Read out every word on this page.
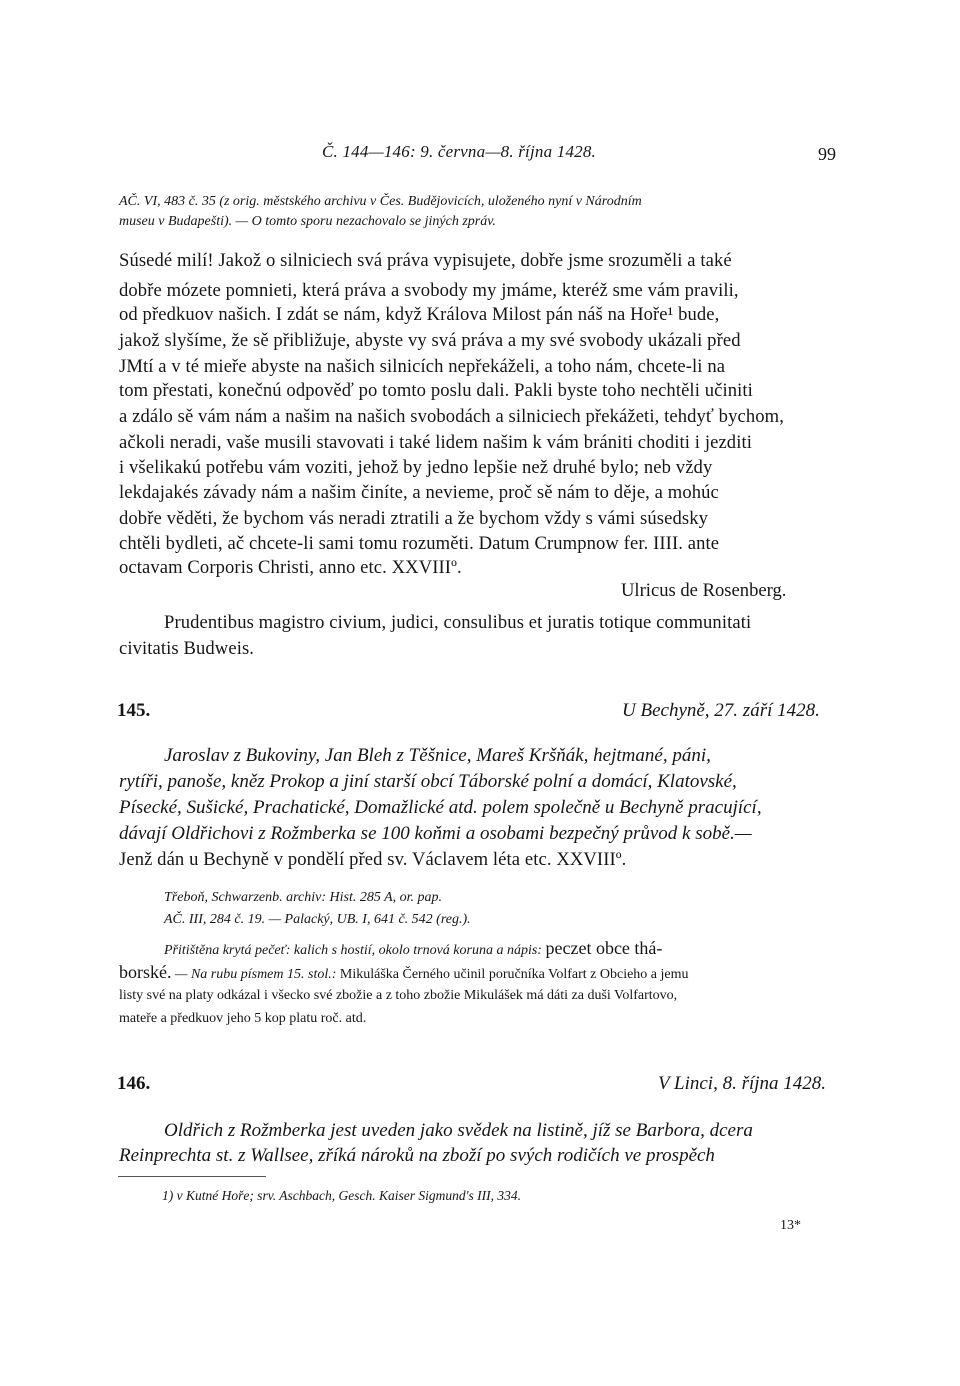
Č. 144—146: 9. června—8. října 1428.	99
AČ. VI, 483 č. 35 (z orig. městského archivu v Čes. Budějovicích, uloženého nyní v Národním
museu v Budapešti). — O tomto sporu nezachovalo se jiných zpráv.
Súsedé milí! Jakož o silniciech svá práva vypisujete, dobře jsme srozuměli a také
dobře mózete pomnieti, která práva a svobody my jmáme, kteréž sme vám pravili,
od předkuov našich. I zdát se nám, když Králova Milost pán náš na Hoře¹ bude,
jakož slyšíme, že sě přibližuje, abyste vy svá práva a my své svobody ukázali před
JMtí a v té mieře abyste na našich silnicích nepřekáželi, a toho nám, chcete-li na
tom přestati, konečnú odpověď po tomto poslu dali. Pakli byste toho nechtěli učiniti
a zdálo sě vám nám a našim na našich svobodách a silniciech překážeti, tehdyť bychom,
ačkoli neradi, vaše musili stavovati i také lidem našim k vám brániti choditi i jezditi
i všelikakú potřebu vám voziti, jehož by jedno lepšie než druhé bylo; neb vždy
lekdajakés závady nám a našim činíte, a nevieme, proč sě nám to děje, a mohúc
dobře věděti, že bychom vás neradi ztratili a že bychom vždy s vámi súsedsky
chtěli bydleti, ač chcete-li sami tomu rozuměti. Datum Crumpnow fer. IIII. ante
octavam Corporis Christi, anno etc. XXVIIIº.
Ulricus de Rosenberg.
Prudentibus magistro civium, judici, consulibus et juratis totique communitati
civitatis Budweis.
145.	U Bechyně, 27. září 1428.
Jaroslav z Bukoviny, Jan Bleh z Těšnice, Mareš Kršňák, hejtmané, páni,
rytíři, panoše, kněz Prokop a jiní starší obcí Táborské polní a domácí, Klatovské,
Písecké, Sušické, Prachatické, Domažlické atd. polem společně u Bechyně pracující,
dávají Oldřichovi z Rožmberka se 100 koňmi a osobami bezpečný průvod k sobě.—
Jenž dán u Bechyně v pondělí před sv. Václavem léta etc. XXVIIIº.
Třeboň, Schwarzenb. archiv: Hist. 285 A, or. pap.
AČ. III, 284 č. 19. — Palacký, UB. I, 641 č. 542 (reg.).
Přitištěna krytá pečeť: kalich s hostií, okolo trnová koruna a nápis: peczet obce thá-
borské. — Na rubu písmem 15. stol.: Mikuláška Černého učinil poručníka Volfart z Obcieho a jemu
listy své na platy odkázal i všecko své zbožie a z toho zbožie Mikulášek má dáti za duši Volfartovo,
mateře a předkuov jeho 5 kop platu roč. atd.
146.	V Linci, 8. října 1428.
Oldřich z Rožmberka jest uveden jako svědek na listině, jíž se Barbora, dcera
Reinprechta st. z Wallsee, zříká nároků na zboží po svých rodičích ve prospěch
1) v Kutné Hoře; srv. Aschbach, Gesch. Kaiser Sigmund's III, 334.
13*
